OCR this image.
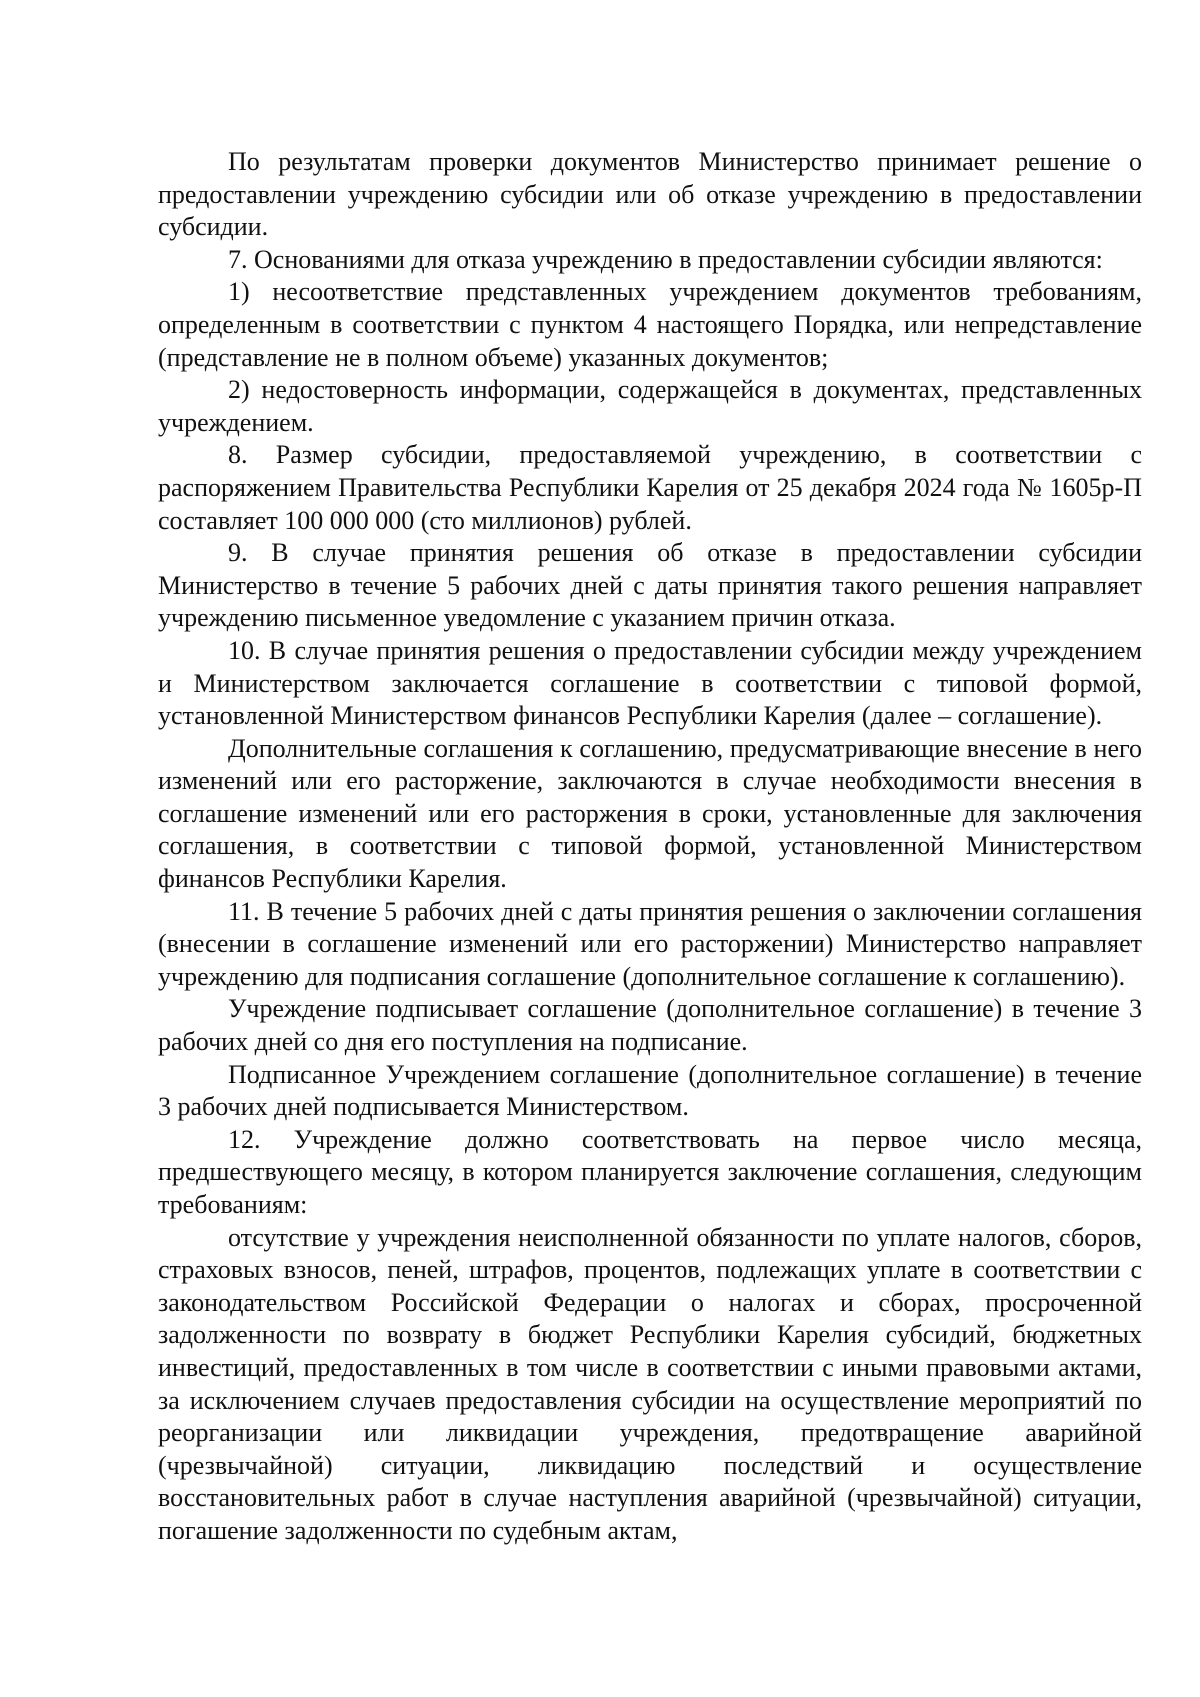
По результатам проверки документов Министерство принимает решение о предоставлении учреждению субсидии или об отказе учреждению в предоставлении субсидии.

7. Основаниями для отказа учреждению в предоставлении субсидии являются:

1) несоответствие представленных учреждением документов требованиям, определенным в соответствии с пунктом 4 настоящего Порядка, или непредставление (представление не в полном объеме) указанных документов;

2) недостоверность информации, содержащейся в документах, представленных учреждением.

8. Размер субсидии, предоставляемой учреждению, в соответствии с распоряжением Правительства Республики Карелия от 25 декабря 2024 года № 1605р-П составляет 100 000 000 (сто миллионов) рублей.

9. В случае принятия решения об отказе в предоставлении субсидии Министерство в течение 5 рабочих дней с даты принятия такого решения направляет учреждению письменное уведомление с указанием причин отказа.

10. В случае принятия решения о предоставлении субсидии между учреждением и Министерством заключается соглашение в соответствии с типовой формой, установленной Министерством финансов Республики Карелия (далее – соглашение).

Дополнительные соглашения к соглашению, предусматривающие внесение в него изменений или его расторжение, заключаются в случае необходимости внесения в соглашение изменений или его расторжения в сроки, установленные для заключения соглашения, в соответствии с типовой формой, установленной Министерством финансов Республики Карелия.

11. В течение 5 рабочих дней с даты принятия решения о заключении соглашения (внесении в соглашение изменений или его расторжении) Министерство направляет учреждению для подписания соглашение (дополнительное соглашение к соглашению).

Учреждение подписывает соглашение (дополнительное соглашение) в течение 3 рабочих дней со дня его поступления на подписание.

Подписанное Учреждением соглашение (дополнительное соглашение) в течение 3 рабочих дней подписывается Министерством.

12. Учреждение должно соответствовать на первое число месяца, предшествующего месяцу, в котором планируется заключение соглашения, следующим требованиям:

отсутствие у учреждения неисполненной обязанности по уплате налогов, сборов, страховых взносов, пеней, штрафов, процентов, подлежащих уплате в соответствии с законодательством Российской Федерации о налогах и сборах, просроченной задолженности по возврату в бюджет Республики Карелия субсидий, бюджетных инвестиций, предоставленных в том числе в соответствии с иными правовыми актами, за исключением случаев предоставления субсидии на осуществление мероприятий по реорганизации или ликвидации учреждения, предотвращение аварийной (чрезвычайной) ситуации, ликвидацию последствий и осуществление восстановительных работ в случае наступления аварийной (чрезвычайной) ситуации, погашение задолженности по судебным актам,
